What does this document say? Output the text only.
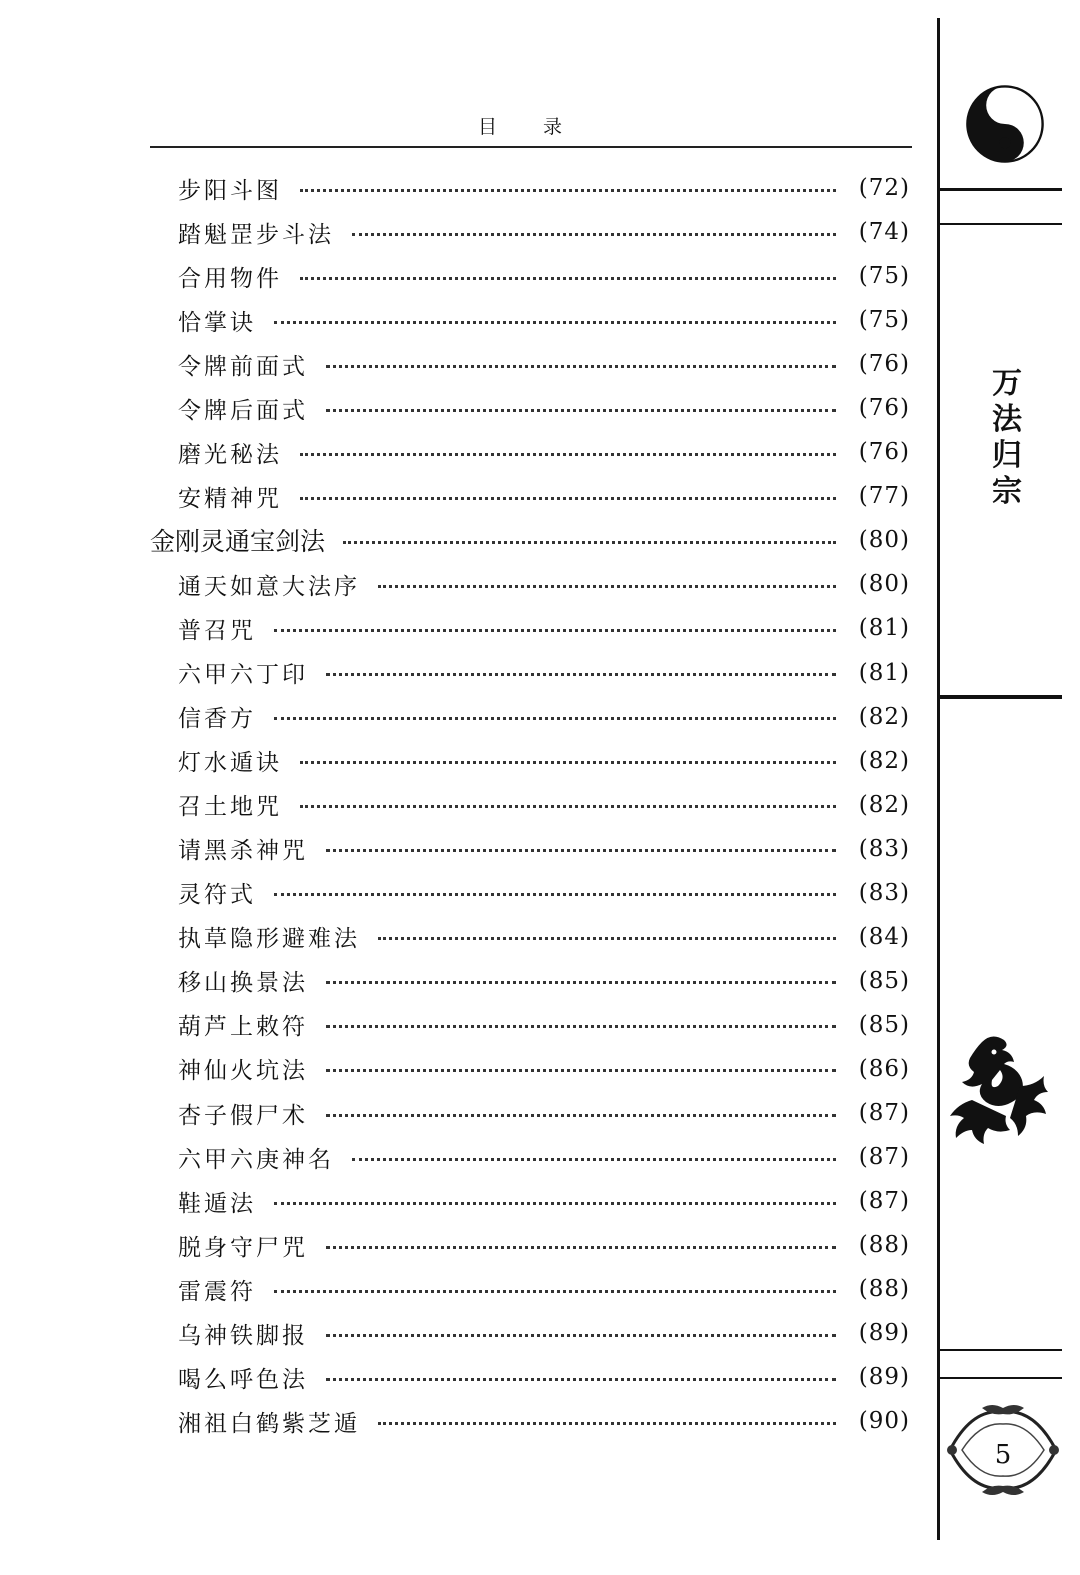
目 录
步阳斗图	(72)
踏魁罡步斗法	(74)
合用物件	(75)
恰掌诀	(75)
令牌前面式	(76)
令牌后面式	(76)
磨光秘法	(76)
安精神咒	(77)
金刚灵通宝剑法	(80)
通天如意大法序	(80)
普召咒	(81)
六甲六丁印	(81)
信香方	(82)
灯水遁诀	(82)
召土地咒	(82)
请黑杀神咒	(83)
灵符式	(83)
执草隐形避难法	(84)
移山换景法	(85)
葫芦上敕符	(85)
神仙火坑法	(86)
杏子假尸术	(87)
六甲六庚神名	(87)
鞋遁法	(87)
脱身守尸咒	(88)
雷震符	(88)
乌神铁脚报	(89)
喝么呼色法	(89)
湘祖白鹤紫芝遁	(90)
万
法
归
宗
5
